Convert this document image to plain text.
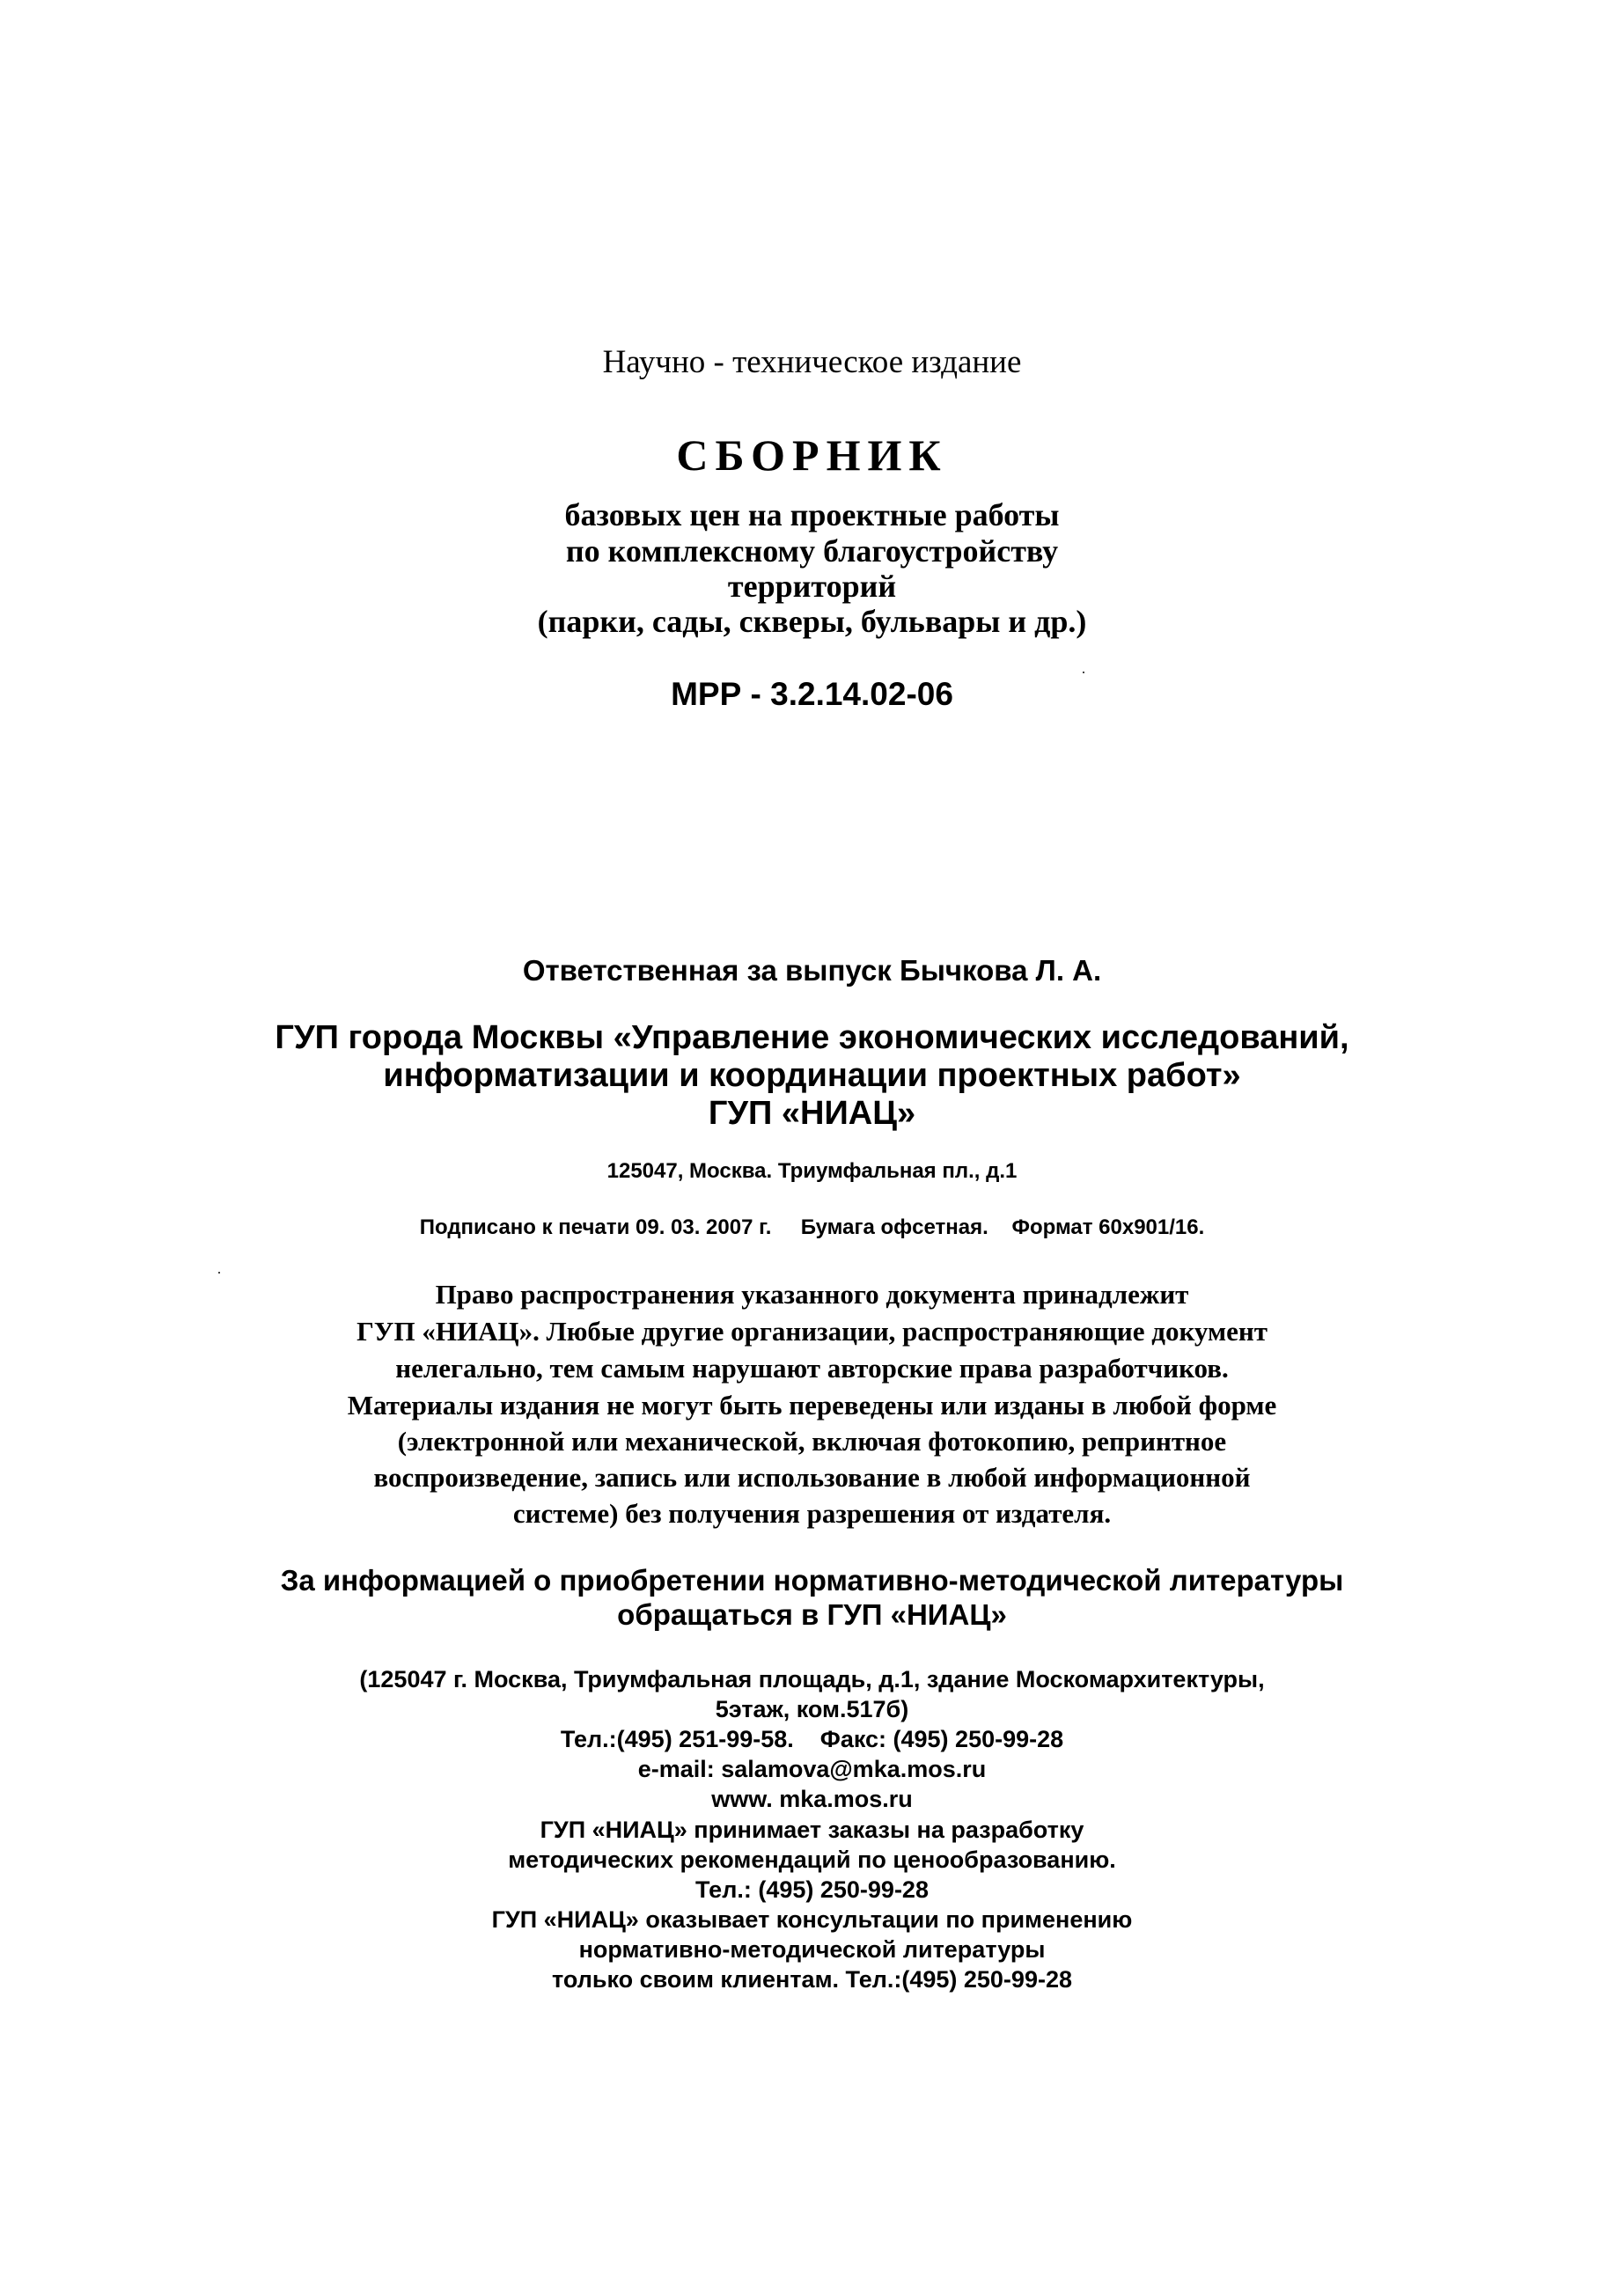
Научно - техническое издание
СБОРНИК
базовых цен на проектные работы
по комплексному благоустройству
территорий
(парки, сады, скверы, бульвары и др.)
МРР - 3.2.14.02-06
Ответственная за выпуск Бычкова Л. А.
ГУП города Москвы «Управление экономических исследований,
информатизации и координации проектных работ»
ГУП «НИАЦ»
125047, Москва. Триумфальная пл., д.1
Подписано к печати 09. 03. 2007 г.     Бумага офсетная.    Формат 60х901/16.
Право распространения указанного документа принадлежит
ГУП «НИАЦ». Любые другие организации, распространяющие документ
нелегально, тем самым нарушают авторские права разработчиков.
Материалы издания не могут быть переведены или изданы в любой форме
(электронной или механической, включая фотокопию, репринтное
воспроизведение, запись или использование в любой информационной
системе) без получения разрешения от издателя.
За информацией о приобретении нормативно-методической литературы
обращаться в ГУП «НИАЦ»
(125047 г. Москва, Триумфальная площадь, д.1, здание Москомархитектуры,
5этаж, ком.517б)
Тел.:(495) 251-99-58.    Факс: (495) 250-99-28
e-mail: salamova@mka.mos.ru
www. mka.mos.ru
ГУП «НИАЦ» принимает заказы на разработку
методических рекомендаций по ценообразованию.
Тел.: (495) 250-99-28
ГУП «НИАЦ» оказывает консультации по применению
нормативно-методической литературы
только своим клиентам. Тел.:(495) 250-99-28
